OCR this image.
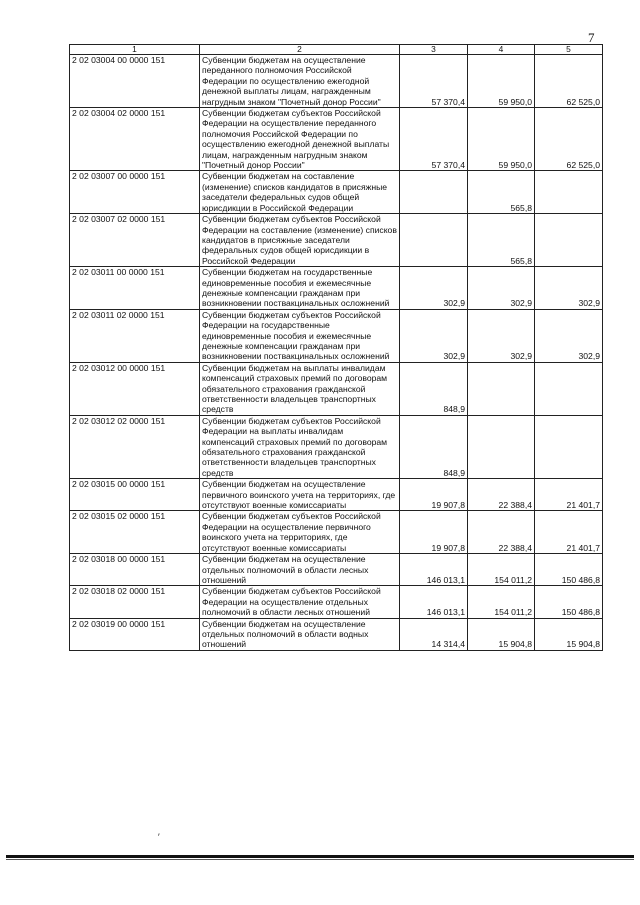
7
1	2	3	4	5
2 02 03004 00 0000 151	Субвенции бюджетам на осуществление переданного полномочия Российской Федерации по осуществлению ежегодной денежной выплаты лицам, награжденным нагрудным знаком "Почетный донор России"	57 370,4	59 950,0	62 525,0
2 02 03004 02 0000 151	Субвенции бюджетам субъектов Российской Федерации на осуществление переданного полномочия Российской Федерации по осуществлению ежегодной денежной выплаты лицам, награжденным нагрудным знаком "Почетный донор России"	57 370,4	59 950,0	62 525,0
2 02 03007 00 0000 151	Субвенции бюджетам на составление (изменение) списков кандидатов в присяжные заседатели федеральных судов общей юрисдикции в Российской Федерации		565,8	
2 02 03007 02 0000 151	Субвенции бюджетам субъектов Российской Федерации на составление (изменение) списков кандидатов в присяжные заседатели федеральных судов общей юрисдикции в Российской Федерации		565,8	
2 02 03011 00 0000 151	Субвенции бюджетам на государственные единовременные пособия и ежемесячные денежные компенсации гражданам при возникновении поствакцинальных осложнений	302,9	302,9	302,9
2 02 03011 02 0000 151	Субвенции бюджетам субъектов Российской Федерации на государственные единовременные пособия и ежемесячные денежные компенсации гражданам при возникновении поствакцинальных осложнений	302,9	302,9	302,9
2 02 03012 00 0000 151	Субвенции бюджетам на выплаты инвалидам компенсаций страховых премий по договорам обязательного страхования гражданской ответственности владельцев транспортных средств	848,9		
2 02 03012 02 0000 151	Субвенции бюджетам субъектов Российской Федерации на выплаты инвалидам компенсаций страховых премий по договорам обязательного страхования гражданской ответственности владельцев транспортных средств	848,9		
2 02 03015 00 0000 151	Субвенции бюджетам на осуществление первичного воинского учета на территориях, где отсутствуют военные комиссариаты	19 907,8	22 388,4	21 401,7
2 02 03015 02 0000 151	Субвенции бюджетам субъектов Российской Федерации на осуществление первичного воинского учета на территориях, где отсутствуют военные комиссариаты	19 907,8	22 388,4	21 401,7
2 02 03018 00 0000 151	Субвенции бюджетам на осуществление отдельных полномочий в области лесных отношений	146 013,1	154 011,2	150 486,8
2 02 03018 02 0000 151	Субвенции бюджетам субъектов Российской Федерации на осуществление отдельных полномочий в области лесных отношений	146 013,1	154 011,2	150 486,8
2 02 03019 00 0000 151	Субвенции бюджетам на осуществление отдельных полномочий в области водных отношений	14 314,4	15 904,8	15 904,8
′
